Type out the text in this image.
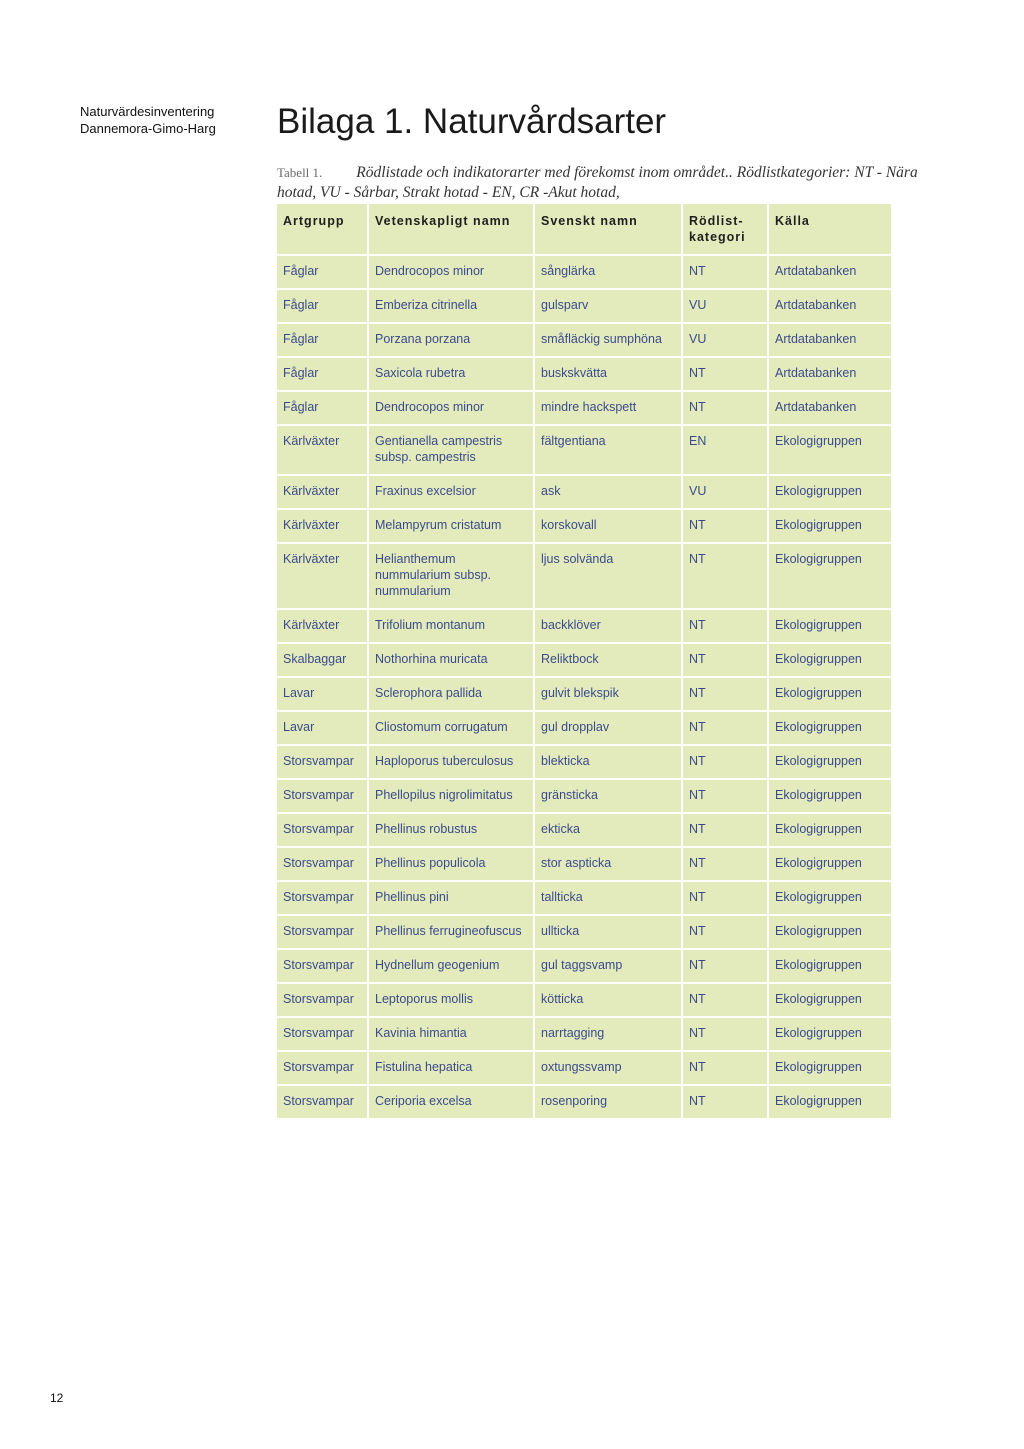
Naturvärdesinventering
Dannemora-Gimo-Harg Bilaga 1. Naturvårdsarter
Tabell 1. Rödlistade och indikatorarter med förekomst inom området.. Rödlistkategorier: NT - Nära hotad, VU - Sårbar, Strakt hotad - EN, CR -Akut hotad,
Artgrupp	Vetenskapligt namn	Svenskt namn	Rödlist-kategori	Källa
Fåglar	Dendrocopos minor	sånglärka	NT	Artdatabanken
Fåglar	Emberiza citrinella	gulsparv	VU	Artdatabanken
Fåglar	Porzana porzana	småfläckig sumphöna	VU	Artdatabanken
Fåglar	Saxicola rubetra	buskskvätta	NT	Artdatabanken
Fåglar	Dendrocopos minor	mindre hackspett	NT	Artdatabanken
Kärlväxter	Gentianella campestris subsp. campestris	fältgentiana	EN	Ekologigruppen
Kärlväxter	Fraxinus excelsior	ask	VU	Ekologigruppen
Kärlväxter	Melampyrum cristatum	korskovall	NT	Ekologigruppen
Kärlväxter	Helianthemum nummularium subsp. nummularium	ljus solvända	NT	Ekologigruppen
Kärlväxter	Trifolium montanum	backklöver	NT	Ekologigruppen
Skalbaggar	Nothorhina muricata	Reliktbock	NT	Ekologigruppen
Lavar	Sclerophora pallida	gulvit blekspik	NT	Ekologigruppen
Lavar	Cliostomum corrugatum	gul dropplav	NT	Ekologigruppen
Storsvampar	Haploporus tuberculosus	blekticka	NT	Ekologigruppen
Storsvampar	Phellopilus nigrolimitatus	gränsticka	NT	Ekologigruppen
Storsvampar	Phellinus robustus	ekticka	NT	Ekologigruppen
Storsvampar	Phellinus populicola	stor aspticka	NT	Ekologigruppen
Storsvampar	Phellinus pini	tallticka	NT	Ekologigruppen
Storsvampar	Phellinus ferrugineofuscus	ullticka	NT	Ekologigruppen
Storsvampar	Hydnellum geogenium	gul taggsvamp	NT	Ekologigruppen
Storsvampar	Leptoporus mollis	kötticka	NT	Ekologigruppen
Storsvampar	Kavinia himantia	narrtagging	NT	Ekologigruppen
Storsvampar	Fistulina hepatica	oxtungssvamp	NT	Ekologigruppen
Storsvampar	Ceriporia excelsa	rosenporing	NT	Ekologigruppen
12
